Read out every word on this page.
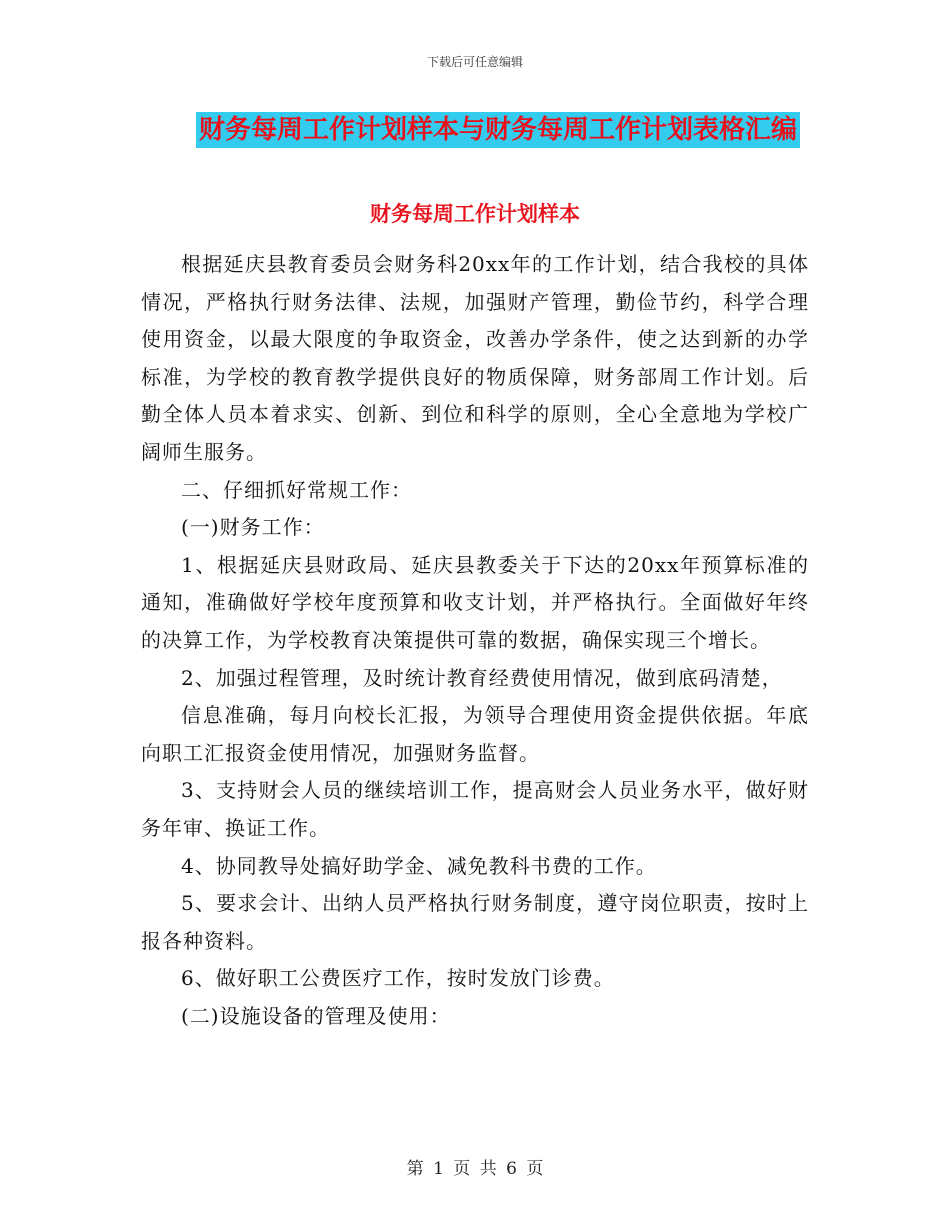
下载后可任意编辑
财务每周工作计划样本与财务每周工作计划表格汇编
财务每周工作计划样本

根据延庆县教育委员会财务科20xx年的工作计划，结合我校的具体情况，严格执行财务法律、法规，加强财产管理，勤俭节约，科学合理使用资金，以最大限度的争取资金，改善办学条件，使之达到新的办学标准，为学校的教育教学提供良好的物质保障，财务部周工作计划。后勤全体人员本着求实、创新、到位和科学的原则，全心全意地为学校广阔师生服务。

二、仔细抓好常规工作：

(一)财务工作：

1、根据延庆县财政局、延庆县教委关于下达的20xx年预算标准的通知，准确做好学校年度预算和收支计划，并严格执行。全面做好年终的决算工作，为学校教育决策提供可靠的数据，确保实现三个增长。

2、加强过程管理，及时统计教育经费使用情况，做到底码清楚，

信息准确，每月向校长汇报，为领导合理使用资金提供依据。年底向职工汇报资金使用情况，加强财务监督。

3、支持财会人员的继续培训工作，提高财会人员业务水平，做好财务年审、换证工作。

4、协同教导处搞好助学金、减免教科书费的工作。

5、要求会计、出纳人员严格执行财务制度，遵守岗位职责，按时上报各种资料。

6、做好职工公费医疗工作，按时发放门诊费。

(二)设施设备的管理及使用：

第 1 页 共 6 页
